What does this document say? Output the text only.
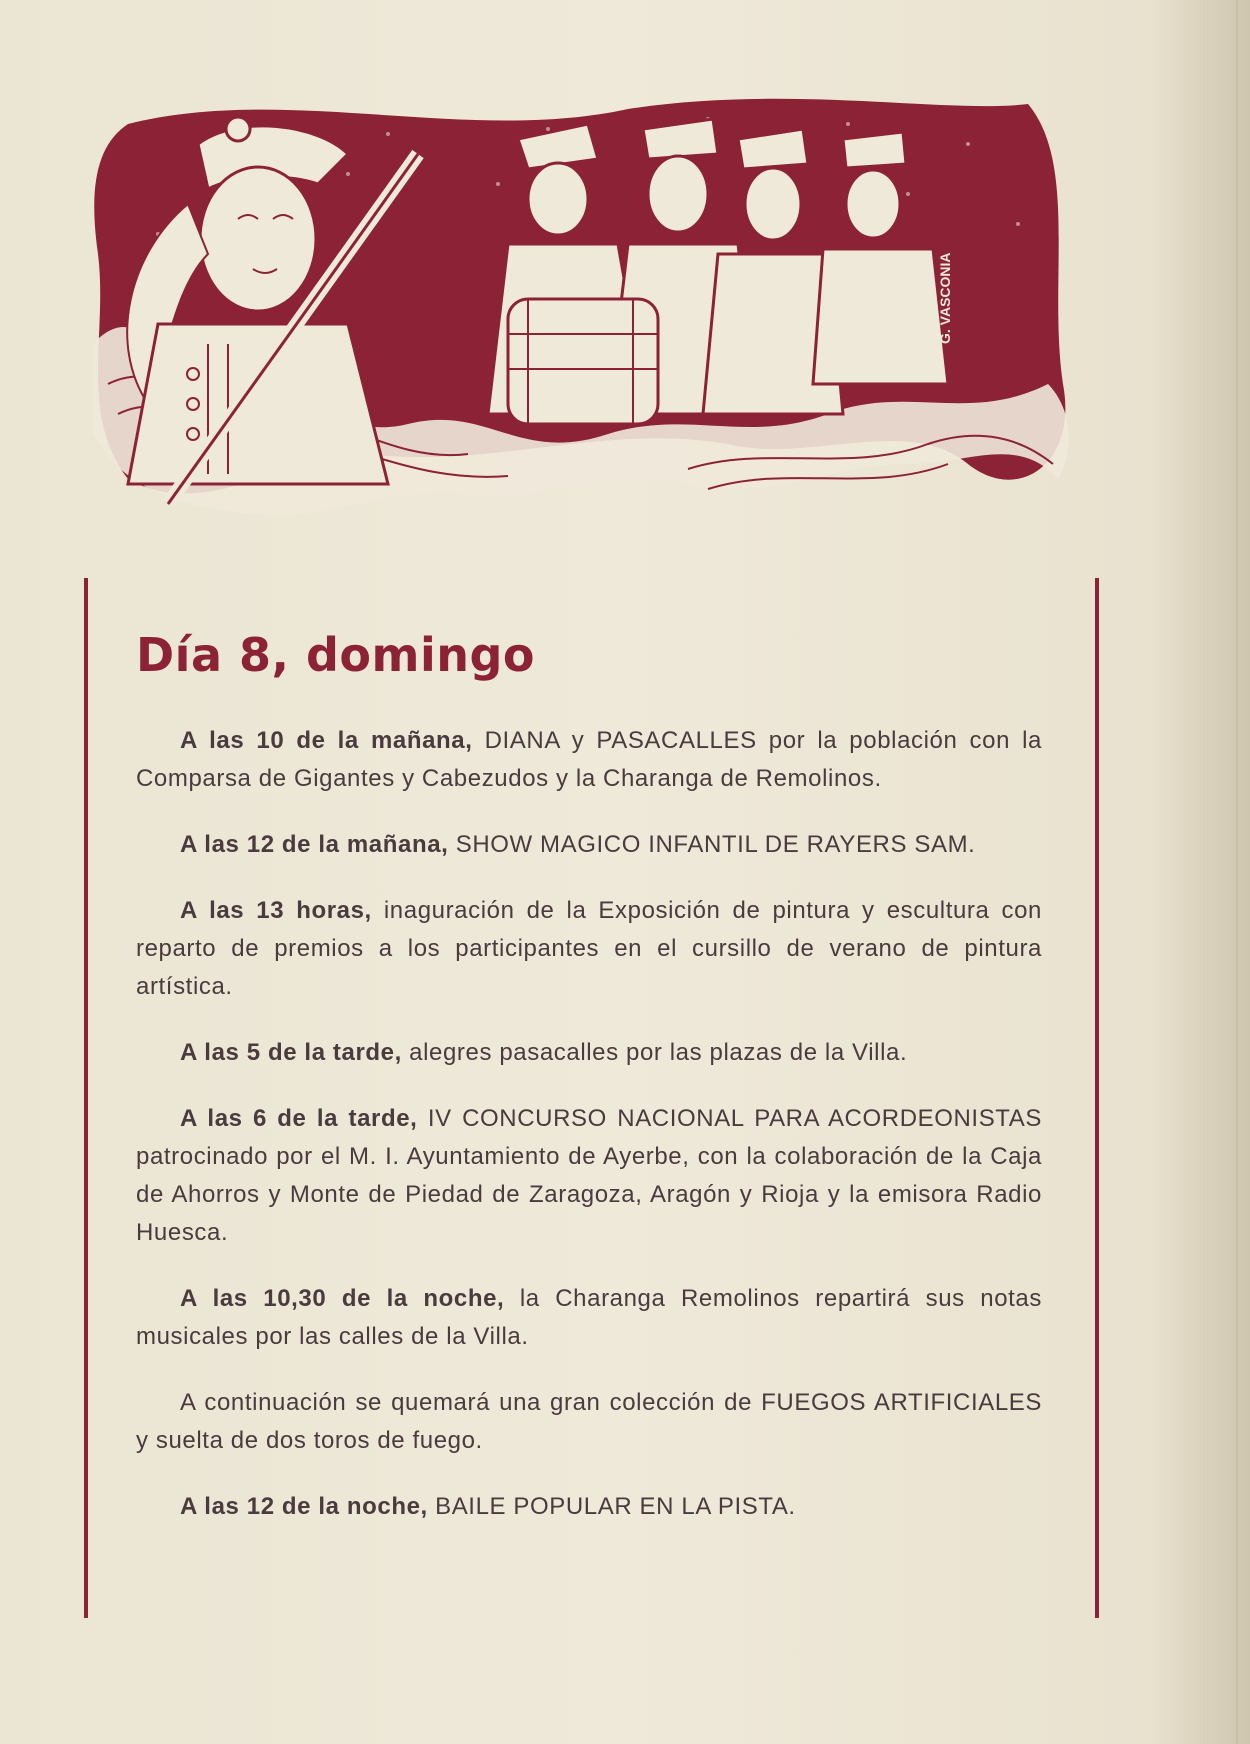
G. VASCONIA
Día 8, domingo

A las 10 de la mañana, DIANA y PASACALLES por la población con la Comparsa de Gigantes y Cabezudos y la Charanga de Remolinos.

A las 12 de la mañana, SHOW MAGICO INFANTIL DE RAYERS SAM.

A las 13 horas, inaguración de la Exposición de pintura y escultura con reparto de premios a los participantes en el cursillo de verano de pintura artística.

A las 5 de la tarde, alegres pasacalles por las plazas de la Villa.

A las 6 de la tarde, IV CONCURSO NACIONAL PARA ACORDEONISTAS patrocinado por el M. I. Ayuntamiento de Ayerbe, con la colaboración de la Caja de Ahorros y Monte de Piedad de Zaragoza, Aragón y Rioja y la emisora Radio Huesca.

A las 10,30 de la noche, la Charanga Remolinos repartirá sus notas musicales por las calles de la Villa.

A continuación se quemará una gran colección de FUEGOS ARTIFICIALES y suelta de dos toros de fuego.

A las 12 de la noche, BAILE POPULAR EN LA PISTA.
